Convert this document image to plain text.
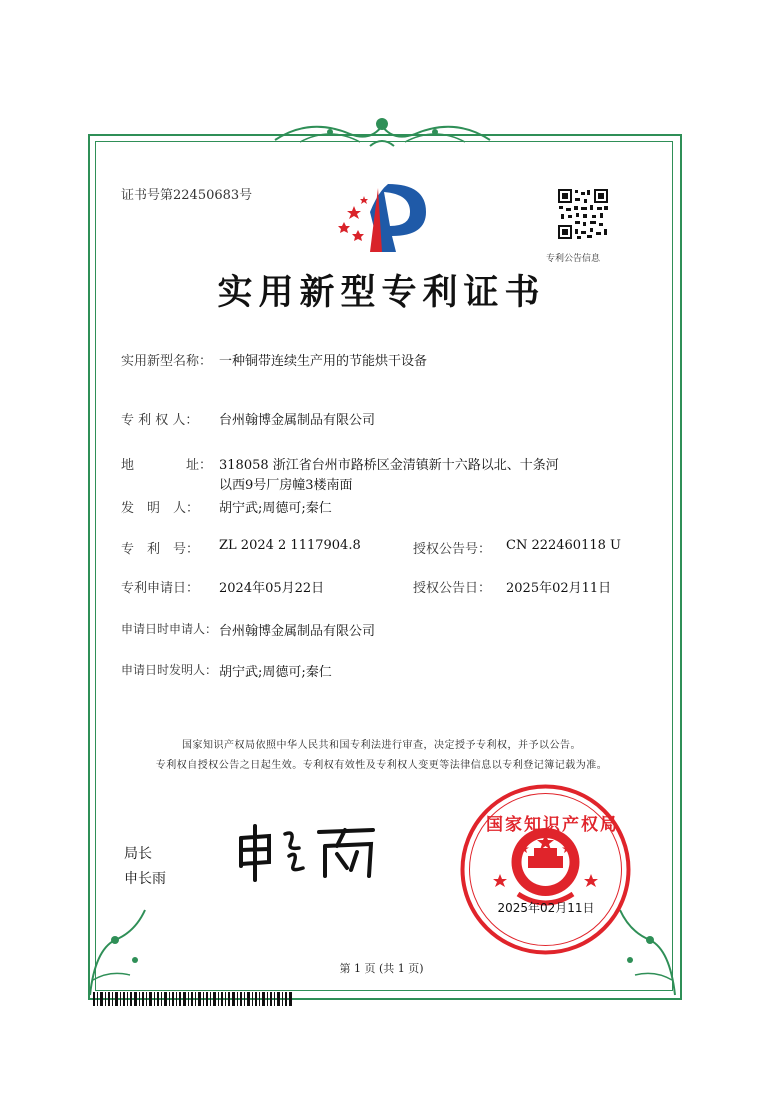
证书号第22450683号
专利公告信息
实用新型专利证书
实用新型名称： 一种铜带连续生产用的节能烘干设备
专 利 权 人： 台州翰博金属制品有限公司
地	址： 318058 浙江省台州市路桥区金清镇新十六路以北、十条河
以西9号厂房幢3楼南面
发　明　人： 胡宁武;周德可;秦仁
专　利　号： ZL 2024 2 1117904.8	授权公告号： CN 222460118 U
专利申请日： 2024年05月22日	授权公告日： 2025年02月11日
申请日时申请人： 台州翰博金属制品有限公司
申请日时发明人： 胡宁武;周德可;秦仁
国家知识产权局依照中华人民共和国专利法进行审查，决定授予专利权，并予以公告。
专利权自授权公告之日起生效。专利权有效性及专利权人变更等法律信息以专利登记簿记载为准。
局长
申长雨
国家知识产权局
2025年02月11日
第 1 页 (共 1 页)
